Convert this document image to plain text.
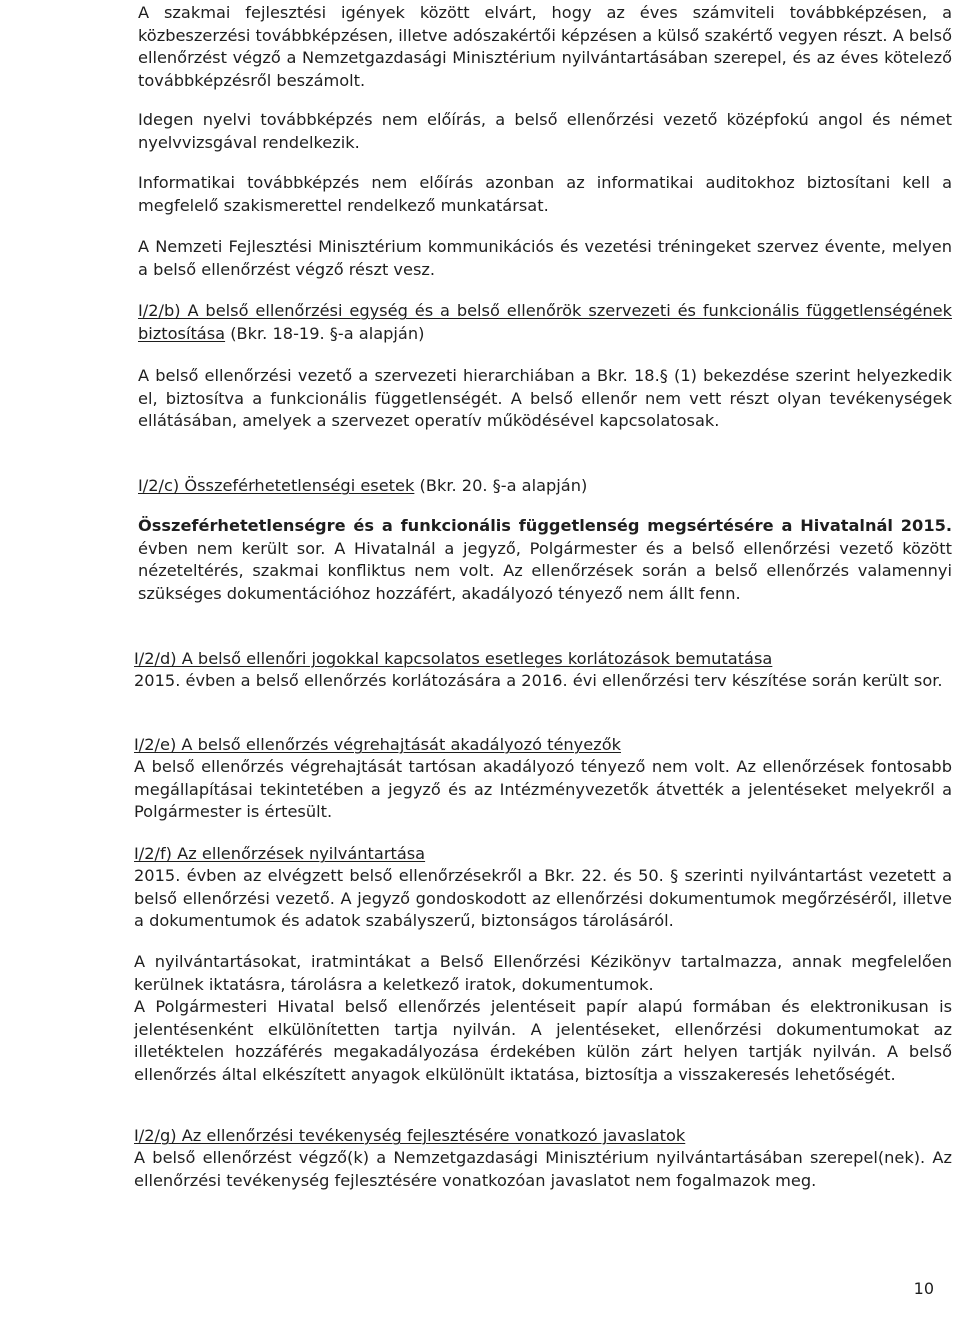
A szakmai fejlesztési igények között elvárt, hogy az éves számviteli továbbképzésen, a közbeszerzési továbbképzésen, illetve adószakértői képzésen a külső szakértő vegyen részt. A belső ellenőrzést végző a Nemzetgazdasági Minisztérium nyilvántartásában szerepel, és az éves kötelező továbbképzésről beszámolt.

Idegen nyelvi továbbképzés nem előírás, a belső ellenőrzési vezető középfokú angol és német nyelvvizsgával rendelkezik.

Informatikai továbbképzés nem előírás azonban az informatikai auditokhoz biztosítani kell a megfelelő szakismerettel rendelkező munkatársat.

A Nemzeti Fejlesztési Minisztérium kommunikációs és vezetési tréningeket szervez évente, melyen a belső ellenőrzést végző részt vesz.

I/2/b) A belső ellenőrzési egység és a belső ellenőrök szervezeti és funkcionális függetlenségének biztosítása (Bkr. 18-19. §-a alapján)

A belső ellenőrzési vezető a szervezeti hierarchiában a Bkr. 18.§ (1) bekezdése szerint helyezkedik el, biztosítva a funkcionális függetlenségét. A belső ellenőr nem vett részt olyan tevékenységek ellátásában, amelyek a szervezet operatív működésével kapcsolatosak.

I/2/c) Összeférhetetlenségi esetek (Bkr. 20. §-a alapján)

Összeférhetetlenségre és a funkcionális függetlenség megsértésére a Hivatalnál 2015. évben nem került sor. A Hivatalnál a jegyző, Polgármester és a belső ellenőrzési vezető között nézeteltérés, szakmai konfliktus nem volt. Az ellenőrzések során a belső ellenőrzés valamennyi szükséges dokumentációhoz hozzáfért, akadályozó tényező nem állt fenn.

I/2/d) A belső ellenőri jogokkal kapcsolatos esetleges korlátozások bemutatása

2015. évben a belső ellenőrzés korlátozására a 2016. évi ellenőrzési terv készítése során került sor.

I/2/e) A belső ellenőrzés végrehajtását akadályozó tényezők

A belső ellenőrzés végrehajtását tartósan akadályozó tényező nem volt. Az ellenőrzések fontosabb megállapításai tekintetében a jegyző és az Intézményvezetők átvették a jelentéseket melyekről a Polgármester is értesült.

I/2/f) Az ellenőrzések nyilvántartása

2015. évben az elvégzett belső ellenőrzésekről a Bkr. 22. és 50. § szerinti nyilvántartást vezetett a belső ellenőrzési vezető. A jegyző gondoskodott az ellenőrzési dokumentumok megőrzéséről, illetve a dokumentumok és adatok szabályszerű, biztonságos tárolásáról.

A nyilvántartásokat, iratmintákat a Belső Ellenőrzési Kézikönyv tartalmazza, annak megfelelően kerülnek iktatásra, tárolásra a keletkező iratok, dokumentumok.

A Polgármesteri Hivatal belső ellenőrzés jelentéseit papír alapú formában és elektronikusan is jelentésenként elkülönítetten tartja nyilván. A jelentéseket, ellenőrzési dokumentumokat az illetéktelen hozzáférés megakadályozása érdekében külön zárt helyen tartják nyilván. A belső ellenőrzés által elkészített anyagok elkülönült iktatása, biztosítja a visszakeresés lehetőségét.

I/2/g) Az ellenőrzési tevékenység fejlesztésére vonatkozó javaslatok

A belső ellenőrzést végző(k) a Nemzetgazdasági Minisztérium nyilvántartásában szerepel(nek). Az ellenőrzési tevékenység fejlesztésére vonatkozóan javaslatot nem fogalmazok meg.

10
